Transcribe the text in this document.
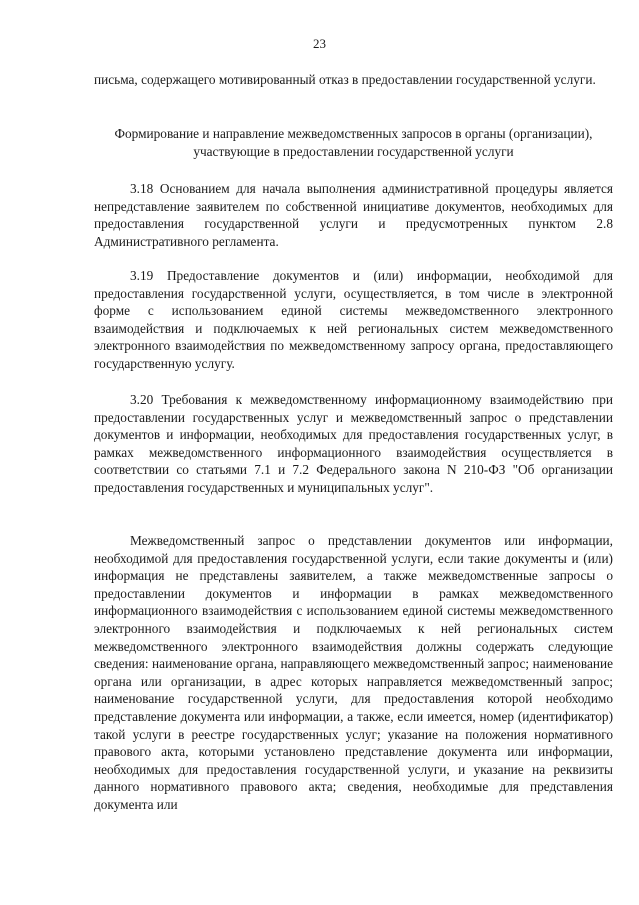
23
письма, содержащего мотивированный отказ в предоставлении государственной услуги.
Формирование и направление межведомственных запросов в органы (организации), участвующие в предоставлении государственной услуги
3.18 Основанием для начала выполнения административной процедуры является непредставление заявителем по собственной инициативе документов, необходимых для предоставления государственной услуги и предусмотренных пунктом 2.8 Административного регламента.
3.19 Предоставление документов и (или) информации, необходимой для предоставления государственной услуги, осуществляется, в том числе в электронной форме с использованием единой системы межведомственного электронного взаимодействия и подключаемых к ней региональных систем межведомственного электронного взаимодействия по межведомственному запросу органа, предоставляющего государственную услугу.
3.20 Требования к межведомственному информационному взаимодействию при предоставлении государственных услуг и межведомственный запрос о представлении документов и информации, необходимых для предоставления государственных услуг, в рамках межведомственного информационного взаимодействия осуществляется в соответствии со статьями 7.1 и 7.2 Федерального закона N 210-ФЗ "Об организации предоставления государственных и муниципальных услуг".
Межведомственный запрос о представлении документов или информации, необходимой для предоставления государственной услуги, если такие документы и (или) информация не представлены заявителем, а также межведомственные запросы о предоставлении документов и информации в рамках межведомственного информационного взаимодействия с использованием единой системы межведомственного электронного взаимодействия и подключаемых к ней региональных систем межведомственного электронного взаимодействия должны содержать следующие сведения: наименование органа, направляющего межведомственный запрос; наименование органа или организации, в адрес которых направляется межведомственный запрос; наименование государственной услуги, для предоставления которой необходимо представление документа или информации, а также, если имеется, номер (идентификатор) такой услуги в реестре государственных услуг; указание на положения нормативного правового акта, которыми установлено представление документа или информации, необходимых для предоставления государственной услуги, и указание на реквизиты данного нормативного правового акта; сведения, необходимые для представления документа или
